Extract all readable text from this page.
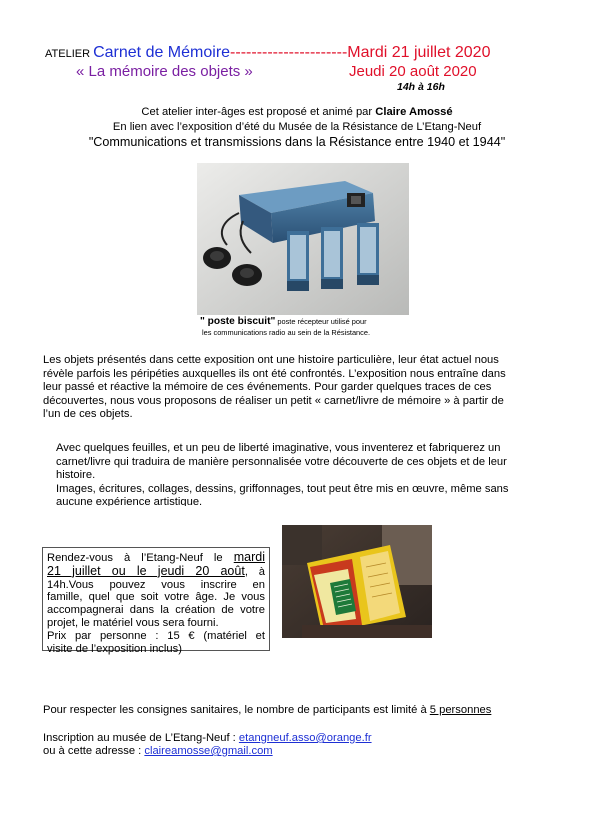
ATELIER Carnet de Mémoire----------------------Mardi 21 juillet 2020
« La mémoire des objets »	Jeudi 20 août 2020
14h à 16h
Cet atelier inter-âges est proposé et animé par Claire Amossé
En lien avec l’exposition d’été du Musée de la Résistance de L’Etang-Neuf
"Communications et transmissions dans la Résistance entre 1940 et 1944"
" poste biscuit" poste récepteur utilisé pour
les communications radio au sein de la Résistance.
Les objets présentés dans cette exposition ont une histoire particulière, leur état actuel nous
révèle parfois les péripéties auxquelles ils ont été confrontés. L’exposition nous entraîne dans
leur passé et réactive la mémoire de ces événements. Pour garder quelques traces de ces
découvertes, nous vous proposons de réaliser un petit « carnet/livre de mémoire » à partir de
l’un de ces objets.
Avec quelques feuilles, et un peu de liberté imaginative, vous inventerez et fabriquerez un
carnet/livre qui traduira de manière personnalisée votre découverte de ces objets et de leur
histoire.
Images, écritures, collages, dessins, griffonnages, tout peut être mis en œuvre, même sans
aucune expérience artistique.
Rendez-vous à l’Etang-Neuf le mardi
21 juillet ou le jeudi 20 août, à
14h.Vous pouvez vous inscrire en
famille, quel que soit votre âge. Je vous
accompagnerai dans la création de votre
projet, le matériel vous sera fourni.
Prix par personne : 15 € (matériel et
visite de l’exposition inclus)
Pour respecter les consignes sanitaires, le nombre de participants est limité à 5 personnes
Inscription au musée de L’Etang-Neuf : etangneuf.asso@orange.fr
ou à cette adresse : claireamosse@gmail.com
